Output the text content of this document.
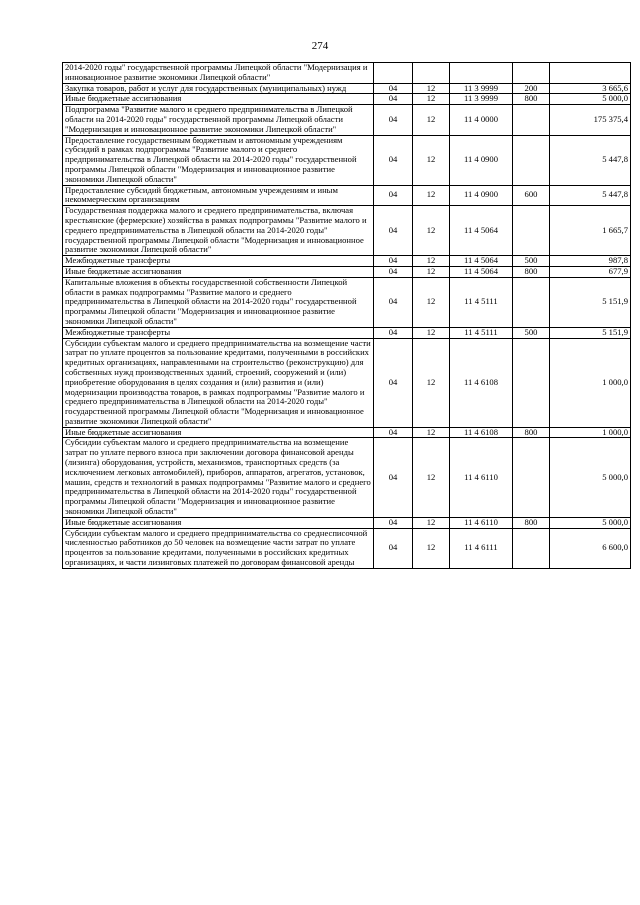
274
2014-2020 годы" государственной программы Липецкой области "Модернизация и инновационное развитие экономики Липецкой области"					
Закупка товаров, работ и услуг для государственных (муниципальных) нужд	04	12	11 3 9999	200	3 665,6
Иные бюджетные ассигнования	04	12	11 3 9999	800	5 000,0
Подпрограмма "Развитие малого и среднего предпринимательства в Липецкой области на 2014-2020 годы" государственной программы Липецкой области "Модернизация и инновационное развитие экономики Липецкой области"	04	12	11 4 0000		175 375,4
Предоставление государственным бюджетным и автономным учреждениям субсидий в рамках подпрограммы "Развитие малого и среднего предпринимательства в Липецкой области на 2014-2020 годы" государственной программы Липецкой области "Модернизация и инновационное развитие экономики Липецкой области"	04	12	11 4 0900		5 447,8
Предоставление субсидий бюджетным, автономным учреждениям и иным некоммерческим организациям	04	12	11 4 0900	600	5 447,8
Государственная поддержка малого и среднего предпринимательства, включая крестьянские (фермерские) хозяйства в рамках подпрограммы "Развитие малого и среднего предпринимательства в Липецкой области на 2014-2020 годы" государственной программы Липецкой области "Модернизация и инновационное развитие экономики Липецкой области"	04	12	11 4 5064		1 665,7
Межбюджетные трансферты	04	12	11 4 5064	500	987,8
Иные бюджетные ассигнования	04	12	11 4 5064	800	677,9
Капитальные вложения в объекты государственной собственности Липецкой области в рамках подпрограммы "Развитие малого и среднего предпринимательства в Липецкой области на 2014-2020 годы" государственной программы Липецкой области "Модернизация и инновационное развитие экономики Липецкой области"	04	12	11 4 5111		5 151,9
Межбюджетные трансферты	04	12	11 4 5111	500	5 151,9
Субсидии субъектам малого и среднего предпринимательства на возмещение части затрат по уплате процентов за пользование кредитами, полученными в российских кредитных организациях, направленными на строительство (реконструкцию) для собственных нужд производственных зданий, строений, сооружений и (или) приобретение оборудования в целях создания и (или) развития и (или) модернизации производства товаров, в рамках подпрограммы "Развитие малого и среднего предпринимательства в Липецкой области на 2014-2020 годы" государственной программы Липецкой области "Модернизация и инновационное развитие экономики Липецкой области"	04	12	11 4 6108		1 000,0
Иные бюджетные ассигнования	04	12	11 4 6108	800	1 000,0
Субсидии субъектам малого и среднего предпринимательства на возмещение затрат по уплате первого взноса при заключении договора финансовой аренды (лизинга) оборудования, устройств, механизмов, транспортных средств (за исключением легковых автомобилей), приборов, аппаратов, агрегатов, установок, машин, средств и технологий в рамках подпрограммы "Развитие малого и среднего предпринимательства в Липецкой области на 2014-2020 годы" государственной программы Липецкой области "Модернизация и инновационное развитие экономики Липецкой области"	04	12	11 4 6110		5 000,0
Иные бюджетные ассигнования	04	12	11 4 6110	800	5 000,0
Субсидии субъектам малого и среднего предпринимательства со среднесписочной численностью работников до 50 человек на возмещение части затрат по уплате процентов за пользование кредитами, полученными в российских кредитных организациях, и части лизинговых платежей по договорам финансовой аренды	04	12	11 4 6111		6 600,0
